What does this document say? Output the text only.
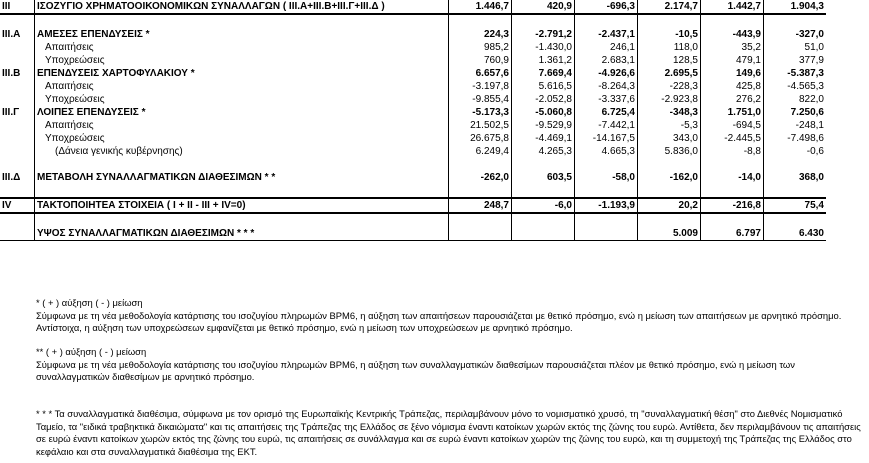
III	ΙΣΟΖΥΓΙΟ ΧΡΗΜΑΤΟΟΙΚΟΝΟΜΙΚΩΝ ΣΥΝΑΛΛΑΓΩΝ ( ΙΙΙ.Α+ΙΙΙ.Β+ΙΙΙ.Γ+ΙΙΙ.Δ )	1.446,7	420,9	-696,3	2.174,7	1.442,7	1.904,3

ΙΙΙ.Α	ΑΜΕΣΕΣ ΕΠΕΝΔΥΣΕΙΣ *	224,3	-2.791,2	-2.437,1	-10,5	-443,9	-327,0
	Απαιτήσεις	985,2	-1.430,0	246,1	118,0	35,2	51,0
	Υποχρεώσεις	760,9	1.361,2	2.683,1	128,5	479,1	377,9
ΙΙΙ.Β	ΕΠΕΝΔΥΣΕΙΣ ΧΑΡΤΟΦΥΛΑΚΙΟΥ *	6.657,6	7.669,4	-4.926,6	2.695,5	149,6	-5.387,3
	Απαιτήσεις	-3.197,8	5.616,5	-8.264,3	-228,3	425,8	-4.565,3
	Υποχρεώσεις	-9.855,4	-2.052,8	-3.337,6	-2.923,8	276,2	822,0
ΙΙΙ.Γ	ΛΟΙΠΕΣ ΕΠΕΝΔΥΣΕΙΣ *	-5.173,3	-5.060,8	6.725,4	-348,3	1.751,0	7.250,6
	Απαιτήσεις	21.502,5	-9.529,9	-7.442,1	-5,3	-694,5	-248,1
	Υποχρεώσεις	26.675,8	-4.469,1	-14.167,5	343,0	-2.445,5	-7.498,6
	(Δάνεια γενικής κυβέρνησης)	6.249,4	4.265,3	4.665,3	5.836,0	-8,8	-0,6

ΙΙΙ.Δ	ΜΕΤΑΒΟΛΗ ΣΥΝΑΛΛΑΓΜΑΤΙΚΩΝ ΔΙΑΘΕΣΙΜΩΝ * *	-262,0	603,5	-58,0	-162,0	-14,0	368,0

IV	ΤΑΚΤΟΠΟΙΗΤΕΑ ΣΤΟΙΧΕΙΑ ( I + II - III + IV=0)	248,7	-6,0	-1.193,9	20,2	-216,8	75,4

	ΥΨΟΣ ΣΥΝΑΛΛΑΓΜΑΤΙΚΩΝ ΔΙΑΘΕΣΙΜΩΝ * * *				5.009	6.797	6.430

* ( + ) αύξηση ( - ) μείωση

Σύμφωνα με τη νέα μεθοδολογία κατάρτισης του ισοζυγίου πληρωμών BPM6, η αύξηση των απαιτήσεων παρουσιάζεται με θετικό πρόσημο, ενώ η μείωση των απαιτήσεων με αρνητικό πρόσημο. Αντίστοιχα, η αύξηση των υποχρεώσεων εμφανίζεται με θετικό πρόσημο, ενώ η μείωση των υποχρεώσεων με αρνητικό πρόσημο.

** ( + ) αύξηση ( - ) μείωση

Σύμφωνα με τη νέα μεθοδολογία κατάρτισης του ισοζυγίου πληρωμών BPM6, η αύξηση των συναλλαγματικών διαθεσίμων παρουσιάζεται πλέον με θετικό πρόσημο, ενώ η μείωση των συναλλαγματικών διαθεσίμων με αρνητικό πρόσημο.

* * * Τα συναλλαγματικά διαθέσιμα, σύμφωνα με τον ορισμό της Ευρωπαϊκής Κεντρικής Τράπεζας, περιλαμβάνουν μόνο το νομισματικό χρυσό, τη "συναλλαγματική θέση" στο Διεθνές Νομισματικό Ταμείο, τα "ειδικά τραβηκτικά δικαιώματα" και τις απαιτήσεις της Τράπεζας της Ελλάδος σε ξένο νόμισμα έναντι κατοίκων χωρών εκτός της ζώνης του ευρώ. Αντίθετα, δεν περιλαμβάνουν τις απαιτήσεις σε ευρώ έναντι κατοίκων χωρών εκτός της ζώνης του ευρώ, τις απαιτήσεις σε συνάλλαγμα και σε ευρώ έναντι κατοίκων χωρών της ζώνης του ευρώ, και τη συμμετοχή της Τράπεζας της Ελλάδος στο κεφάλαιο και στα συναλλαγματικά διαθέσιμα της ΕΚΤ.
